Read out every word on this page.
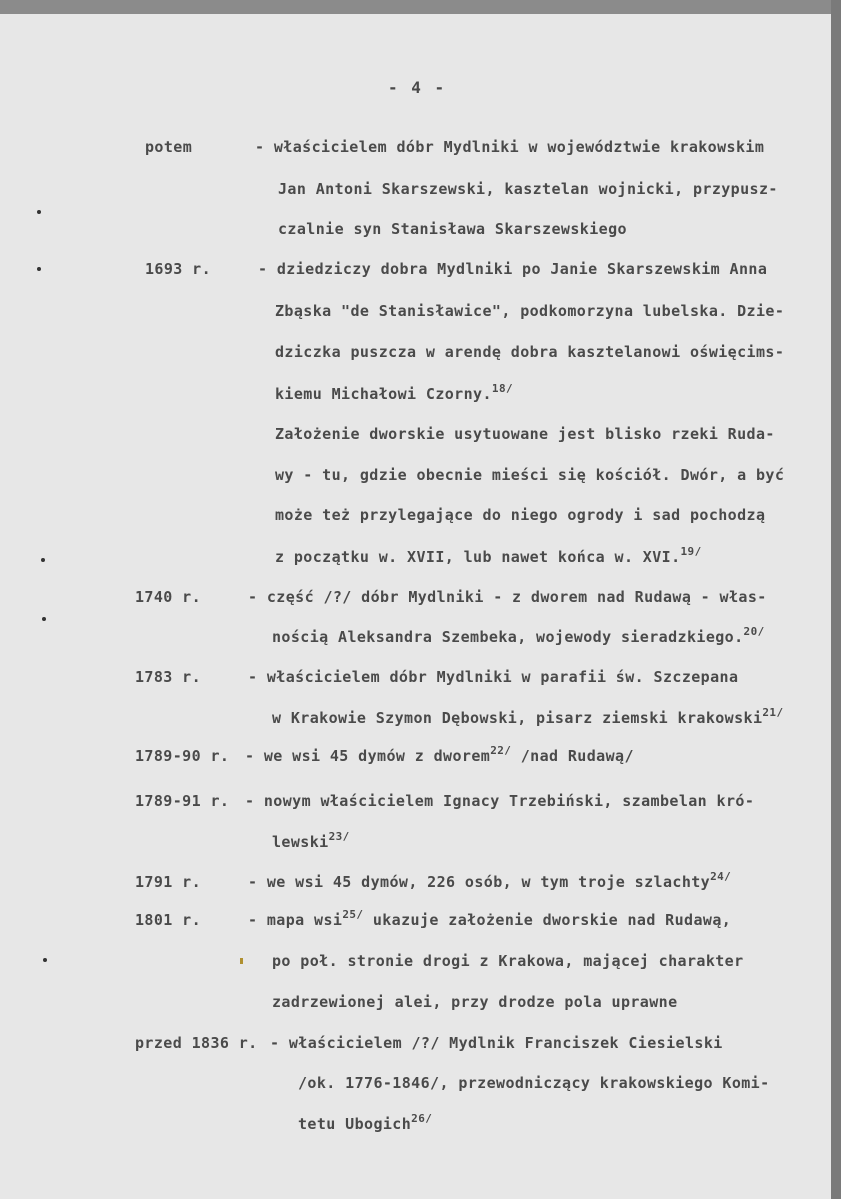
- 4 -
potem
1693 r.
1740 r.
1783 r.
1789-90 r.
1789-91 r.
1791 r.
1801 r.
przed 1836 r.
- właścicielem dóbr Mydlniki w województwie krakowskim
Jan Antoni Skarszewski, kasztelan wojnicki, przypusz-
czalnie syn Stanisława Skarszewskiego
- dziedziczy dobra Mydlniki po Janie Skarszewskim Anna
Zbąska "de Stanisławice", podkomorzyna lubelska. Dzie-
dziczka puszcza w arendę dobra kasztelanowi oświęcims-
kiemu Michałowi Czorny.$^{18/}$
Założenie dworskie usytuowane jest blisko rzeki Ruda-
wy - tu, gdzie obecnie mieści się kościół. Dwór, a być
może też przylegające do niego ogrody i sad pochodzą
z początku w. XVII, lub nawet końca w. XVI.$^{19/}$
- część /?/ dóbr Mydlniki - z dworem nad Rudawą - włas-
nością Aleksandra Szembeka, wojewody sieradzkiego.$^{20/}$
- właścicielem dóbr Mydlniki w parafii św. Szczepana
w Krakowie Szymon Dębowski, pisarz ziemski krakowski$^{21/}$
- we wsi 45 dymów z dworem$^{22/}$ /nad Rudawą/
- nowym właścicielem Ignacy Trzebiński, szambelan kró-
lewski$^{23/}$
- we wsi 45 dymów, 226 osób, w tym troje szlachty$^{24/}$
- mapa wsi$^{25/}$ ukazuje założenie dworskie nad Rudawą,
po poł. stronie drogi z Krakowa, mającej charakter
zadrzewionej alei, przy drodze pola uprawne
- właścicielem /?/ Mydlnik Franciszek Ciesielski
/ok. 1776-1846/, przewodniczący krakowskiego Komi-
tetu Ubogich$^{26/}$
